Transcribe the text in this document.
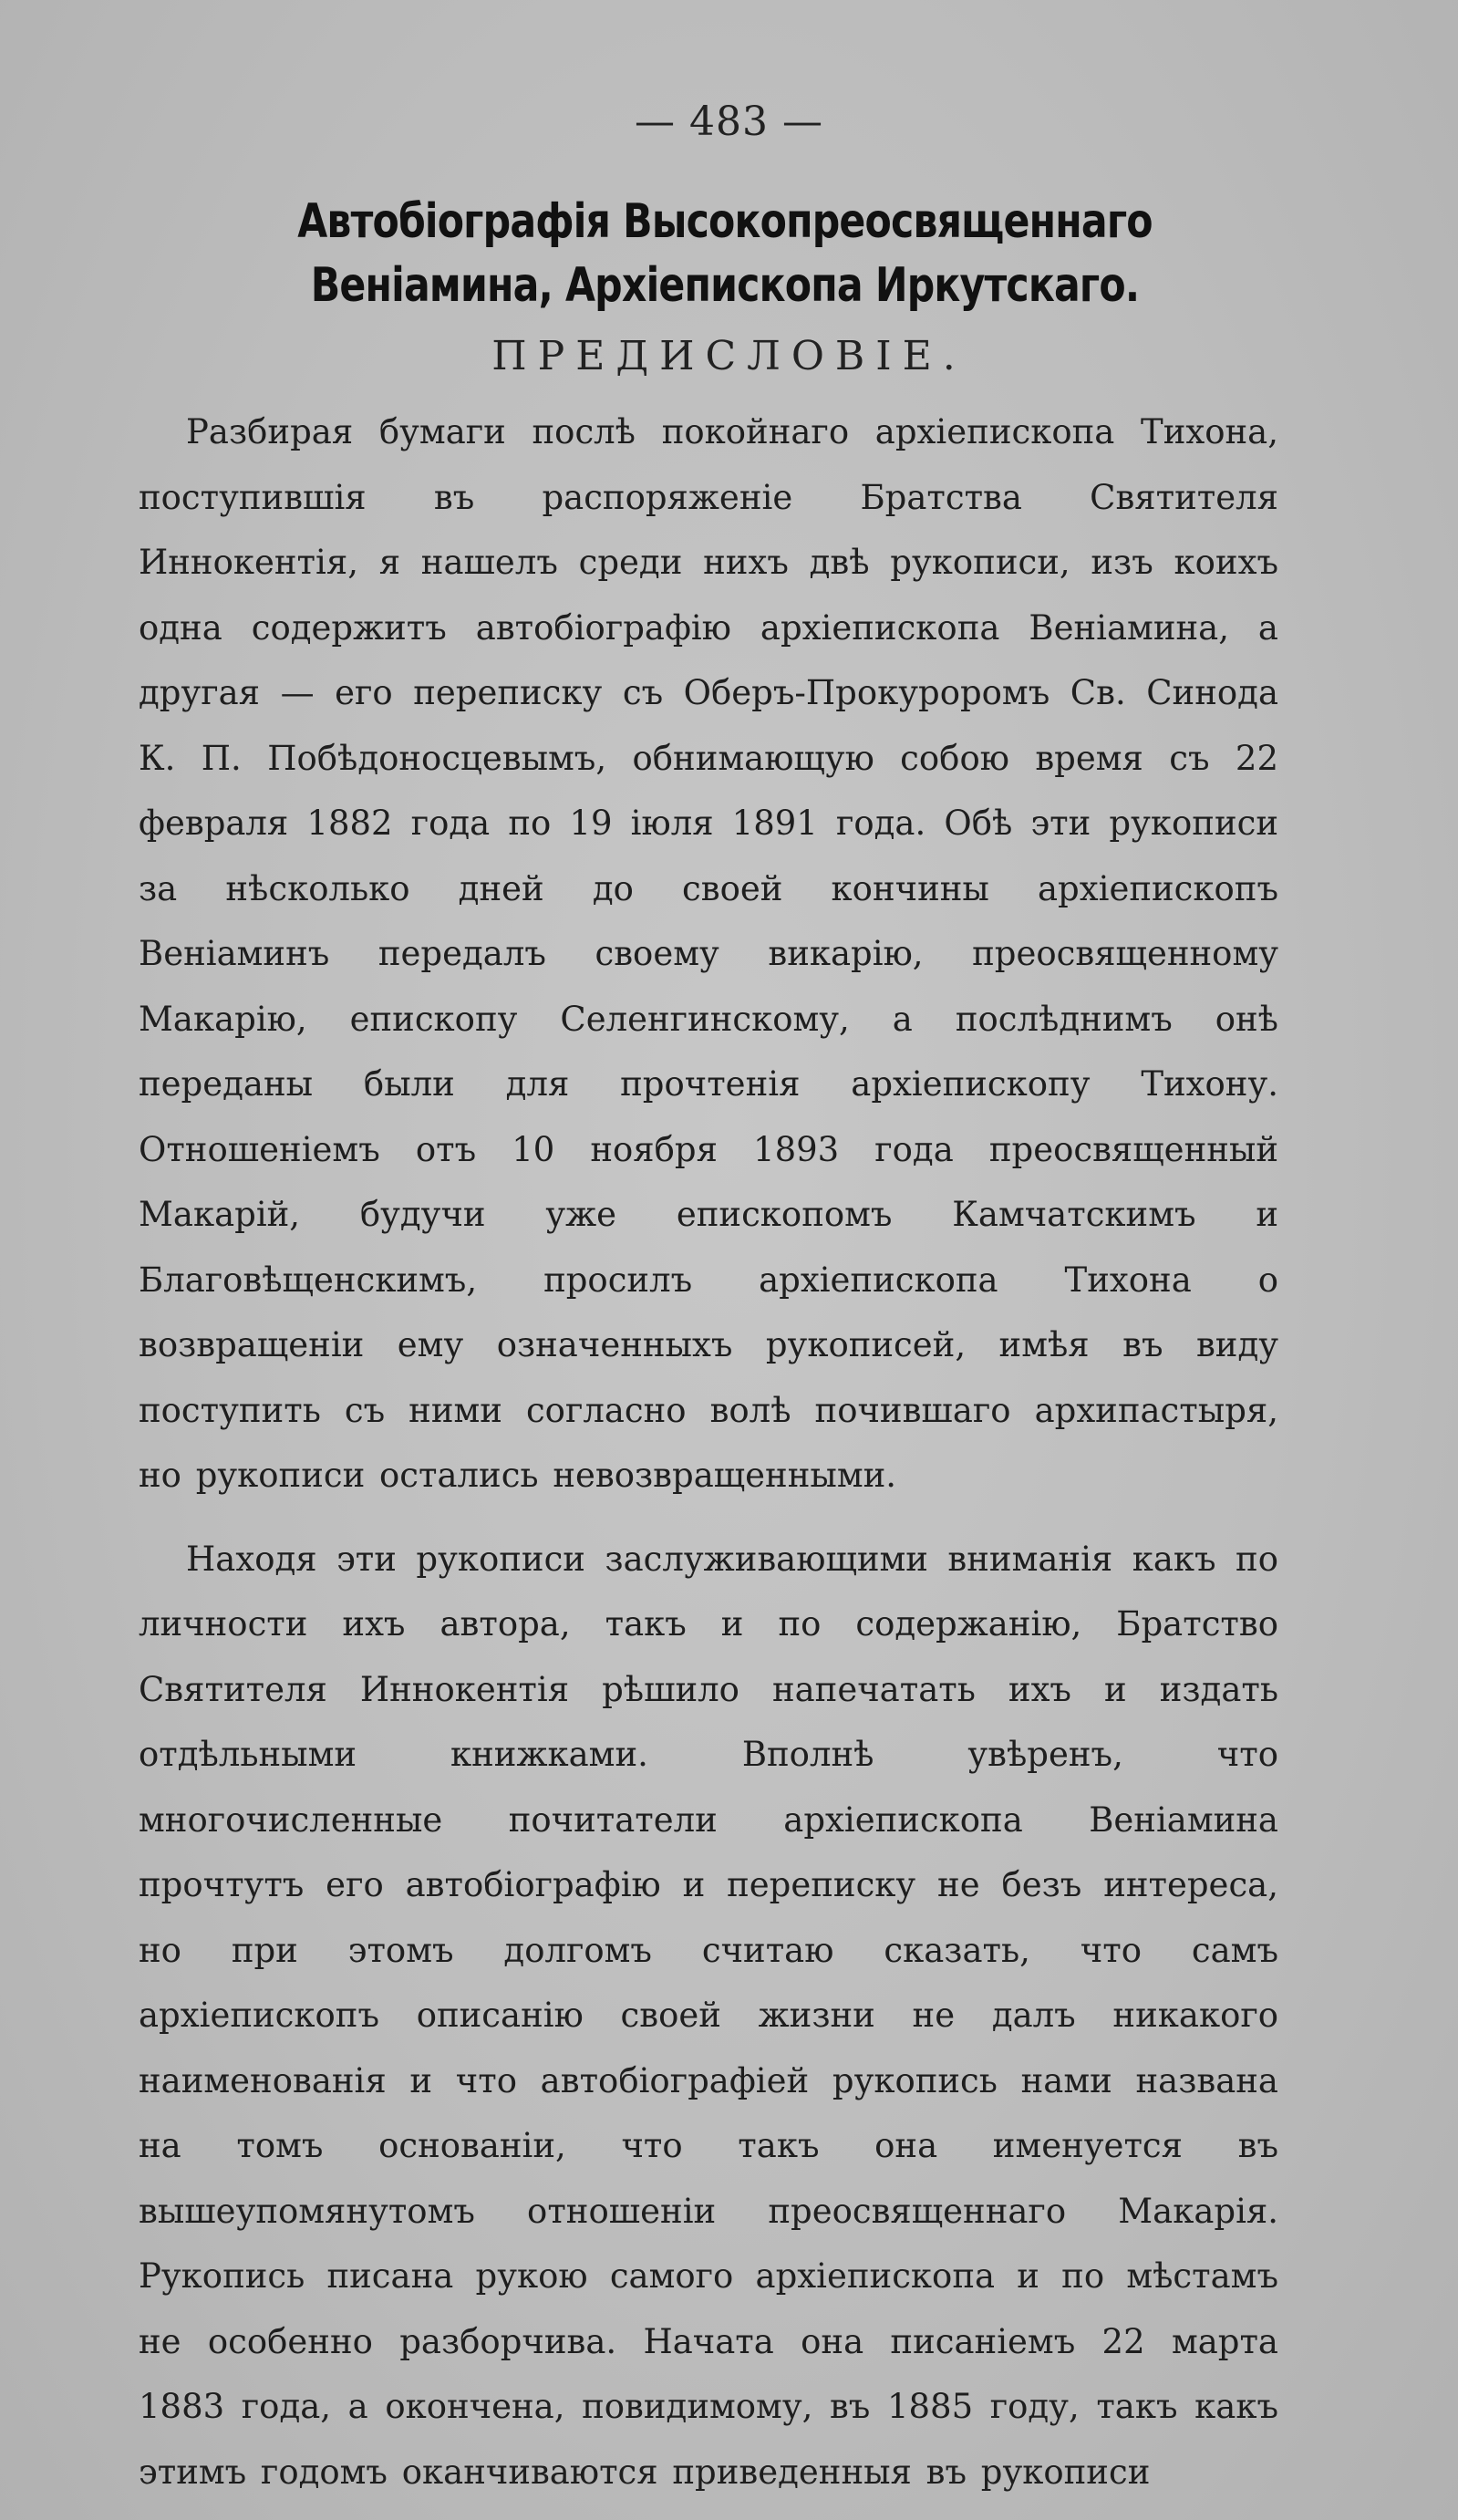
— 483 —
Автобіографія Высокопреосвященнаго Веніамина, Архіепископа Иркутскаго.
ПРЕДИСЛОВІЕ.

Разбирая бумаги послѣ покойнаго архіепископа Тихона, поступившія въ распоряженіе Братства Святителя Иннокентія, я нашелъ среди нихъ двѣ рукописи, изъ коихъ одна содержитъ автобіографію архіепископа Веніамина, а другая — его переписку съ Оберъ-Прокуроромъ Св. Синода К. П. Побѣдоносцевымъ, обнимающую собою время съ 22 февраля 1882 года по 19 іюля 1891 года. Обѣ эти рукописи за нѣсколько дней до своей кончины архіепископъ Веніаминъ передалъ своему викарію, преосвященному Макарію, епископу Селенгинскому, а послѣднимъ онѣ переданы были для прочтенія архіепископу Тихону. Отношеніемъ отъ 10 ноября 1893 года преосвященный Макарій, будучи уже епископомъ Камчатскимъ и Благовѣщенскимъ, просилъ архіепископа Тихона о возвращеніи ему означенныхъ рукописей, имѣя въ виду поступить съ ними согласно волѣ почившаго архипастыря, но рукописи остались невозвращенными.

Находя эти рукописи заслуживающими вниманія какъ по личности ихъ автора, такъ и по содержанію, Братство Святителя Иннокентія рѣшило напечатать ихъ и издать отдѣльными книжками. Вполнѣ увѣренъ, что многочисленные почитатели архіепископа Веніамина прочтутъ его автобіографію и переписку не безъ интереса, но при этомъ долгомъ считаю сказать, что самъ архіепископъ описанію своей жизни не далъ никакого наименованія и что автобіографіей рукопись нами названа на томъ основаніи, что такъ она именуется въ вышеупомянутомъ отношеніи преосвященнаго Макарія. Рукопись писана рукою самого архіепископа и по мѣстамъ не особенно разборчива. Начата она писаніемъ 22 марта 1883 года, а окончена, повидимому, въ 1885 году, такъ какъ этимъ годомъ оканчиваются приведенныя въ рукописи
